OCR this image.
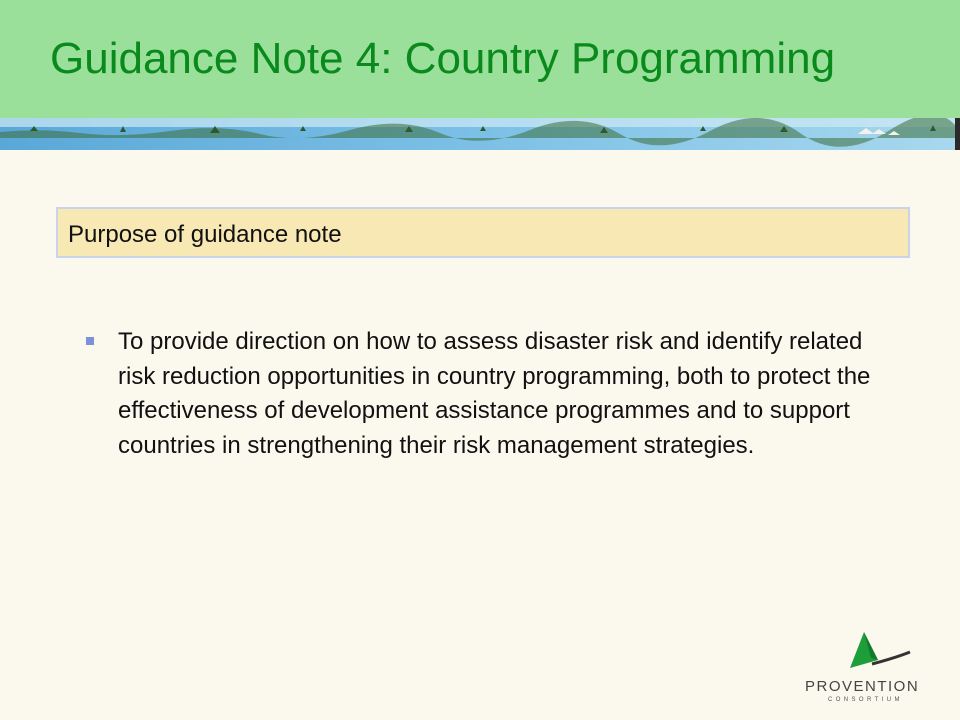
Guidance Note 4: Country Programming
Purpose of guidance note
To provide direction on how to assess disaster risk and identify related risk reduction opportunities in country programming, both to protect the effectiveness of development assistance programmes and to support countries in strengthening their risk management strategies.
PROVENTION
CONSORTIUM
